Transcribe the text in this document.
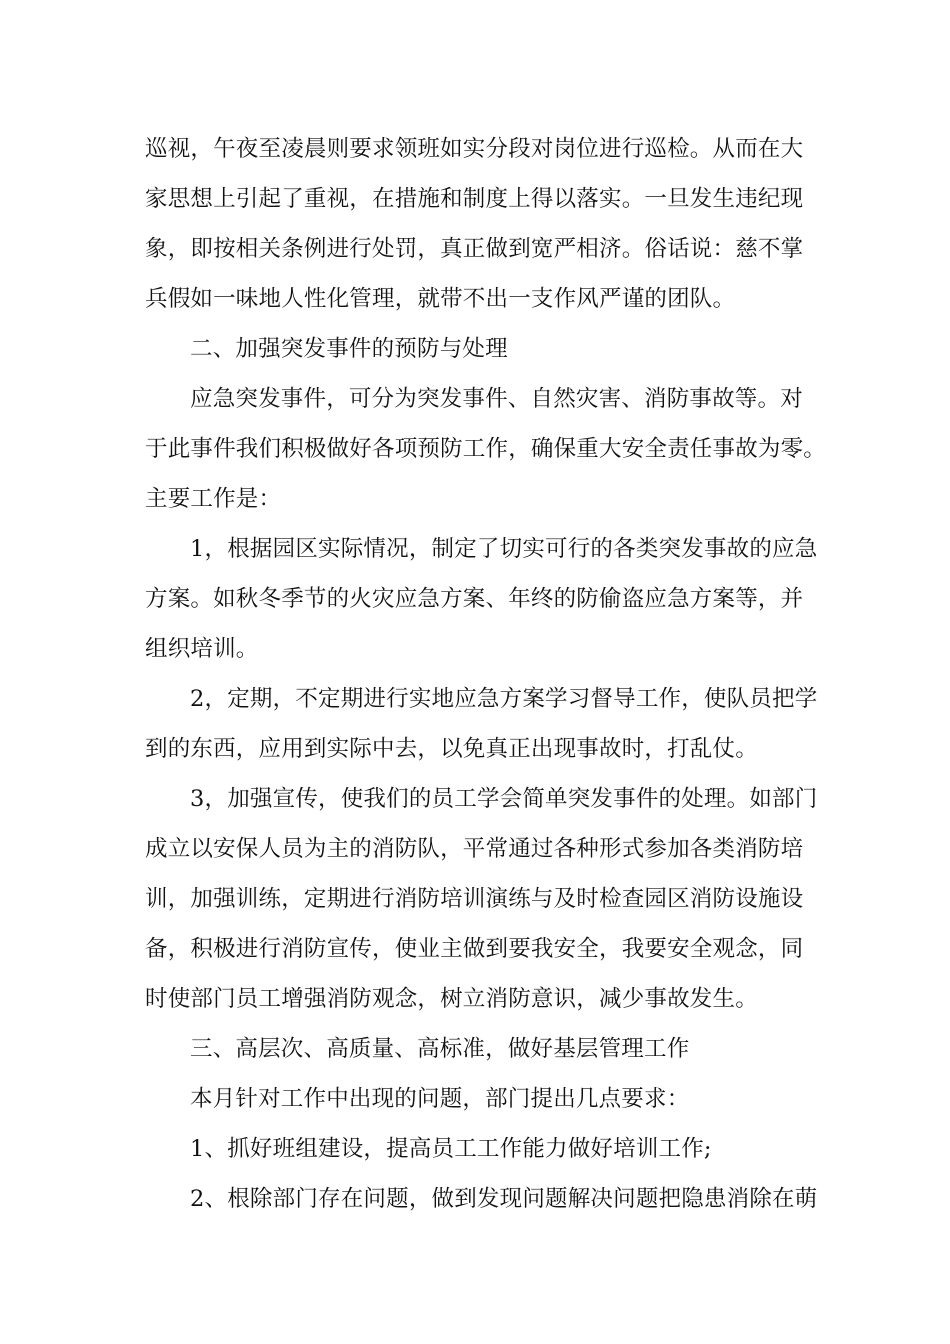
巡视，午夜至凌晨则要求领班如实分段对岗位进行巡检。从而在大
家思想上引起了重视，在措施和制度上得以落实。一旦发生违纪现
象，即按相关条例进行处罚，真正做到宽严相济。俗话说：慈不掌
兵假如一味地人性化管理，就带不出一支作风严谨的团队。
二、加强突发事件的预防与处理
应急突发事件，可分为突发事件、自然灾害、消防事故等。对
于此事件我们积极做好各项预防工作，确保重大安全责任事故为零。
主要工作是：
1，根据园区实际情况，制定了切实可行的各类突发事故的应急
方案。如秋冬季节的火灾应急方案、年终的防偷盗应急方案等，并
组织培训。
2，定期，不定期进行实地应急方案学习督导工作，使队员把学
到的东西，应用到实际中去，以免真正出现事故时，打乱仗。
3，加强宣传，使我们的员工学会简单突发事件的处理。如部门
成立以安保人员为主的消防队，平常通过各种形式参加各类消防培
训，加强训练，定期进行消防培训演练与及时检查园区消防设施设
备，积极进行消防宣传，使业主做到要我安全，我要安全观念，同
时使部门员工增强消防观念，树立消防意识，减少事故发生。
三、高层次、高质量、高标准，做好基层管理工作
本月针对工作中出现的问题，部门提出几点要求：
1、抓好班组建设，提高员工工作能力做好培训工作;
2、根除部门存在问题，做到发现问题解决问题把隐患消除在萌
